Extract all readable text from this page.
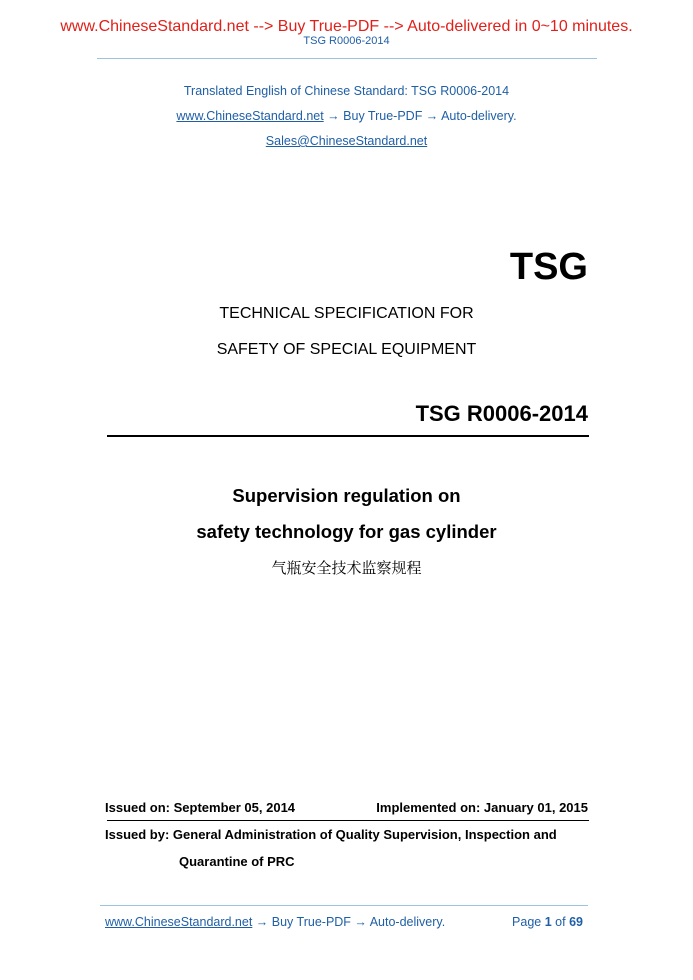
www.ChineseStandard.net --> Buy True-PDF --> Auto-delivered in 0~10 minutes.
TSG R0006-2014
Translated English of Chinese Standard: TSG R0006-2014
www.ChineseStandard.net → Buy True-PDF → Auto-delivery.
Sales@ChineseStandard.net
TSG
TECHNICAL SPECIFICATION FOR
SAFETY OF SPECIAL EQUIPMENT
TSG R0006-2014
Supervision regulation on
safety technology for gas cylinder
气瓶安全技术监察规程
Issued on: September 05, 2014	Implemented on: January 01, 2015
Issued by: General Administration of Quality Supervision, Inspection and
Quarantine of PRC
www.ChineseStandard.net → Buy True-PDF → Auto-delivery.	Page 1 of 69
